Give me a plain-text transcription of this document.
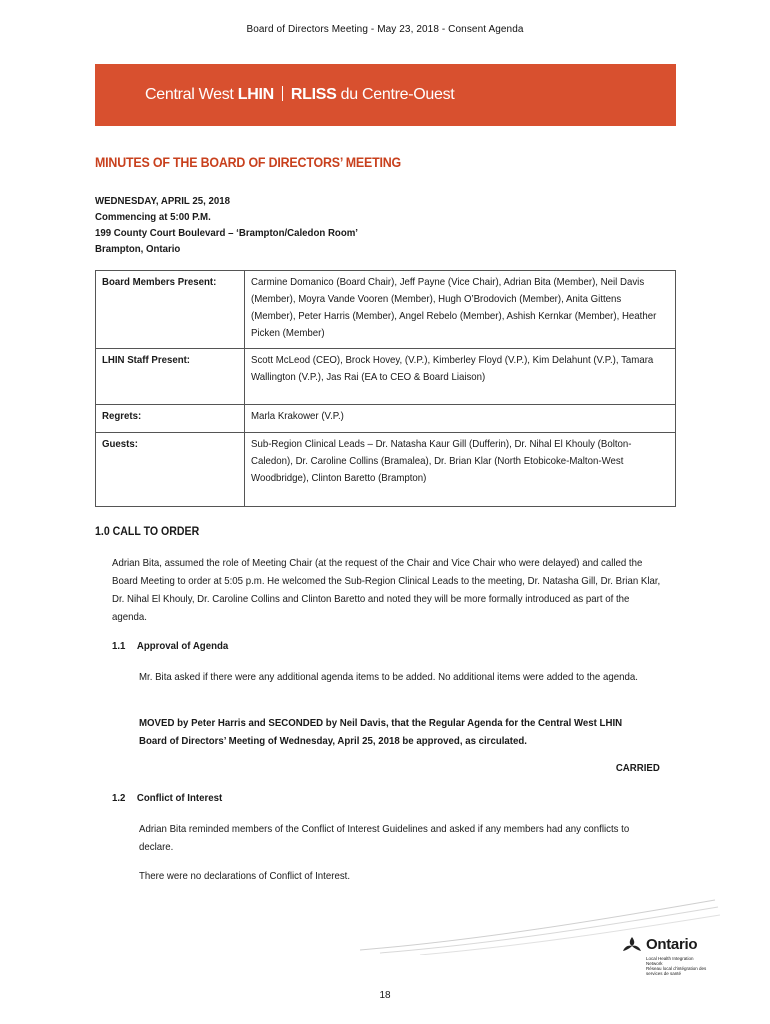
Board of Directors Meeting - May 23, 2018 - Consent Agenda
Central West LHIN RLISS du Centre-Ouest
MINUTES OF THE BOARD OF DIRECTORS’ MEETING
WEDNESDAY, APRIL 25, 2018
Commencing at 5:00 P.M.
199 County Court Boulevard – ‘Brampton/Caledon Room’
Brampton, Ontario
Board Members Present:	Carmine Domanico (Board Chair), Jeff Payne (Vice Chair), Adrian Bita (Member), Neil Davis (Member), Moyra Vande Vooren (Member), Hugh O’Brodovich (Member), Anita Gittens (Member), Peter Harris (Member), Angel Rebelo (Member), Ashish Kernkar (Member), Heather Picken (Member)
LHIN Staff Present:	Scott McLeod (CEO), Brock Hovey, (V.P.), Kimberley Floyd (V.P.), Kim Delahunt (V.P.), Tamara Wallington (V.P.), Jas Rai (EA to CEO & Board Liaison)
Regrets:	Marla Krakower (V.P.)
Guests:	Sub-Region Clinical Leads – Dr. Natasha Kaur Gill (Dufferin), Dr. Nihal El Khouly (Bolton-Caledon), Dr. Caroline Collins (Bramalea), Dr. Brian Klar (North Etobicoke-Malton-West Woodbridge), Clinton Baretto (Brampton)
1.0 CALL TO ORDER
Adrian Bita, assumed the role of Meeting Chair (at the request of the Chair and Vice Chair who were delayed) and called the Board Meeting to order at 5:05 p.m. He welcomed the Sub-Region Clinical Leads to the meeting, Dr. Natasha Gill, Dr. Brian Klar, Dr. Nihal El Khouly, Dr. Caroline Collins and Clinton Baretto and noted they will be more formally introduced as part of the agenda.
1.1 Approval of Agenda
Mr. Bita asked if there were any additional agenda items to be added. No additional items were added to the agenda.
MOVED by Peter Harris and SECONDED by Neil Davis, that the Regular Agenda for the Central West LHIN Board of Directors’ Meeting of Wednesday, April 25, 2018 be approved, as circulated.
CARRIED
1.2 Conflict of Interest
Adrian Bita reminded members of the Conflict of Interest Guidelines and asked if any members had any conflicts to declare.
There were no declarations of Conflict of Interest.
Ontario
Local Health Integration Network
Réseau local d’intégration des services de santé
18
